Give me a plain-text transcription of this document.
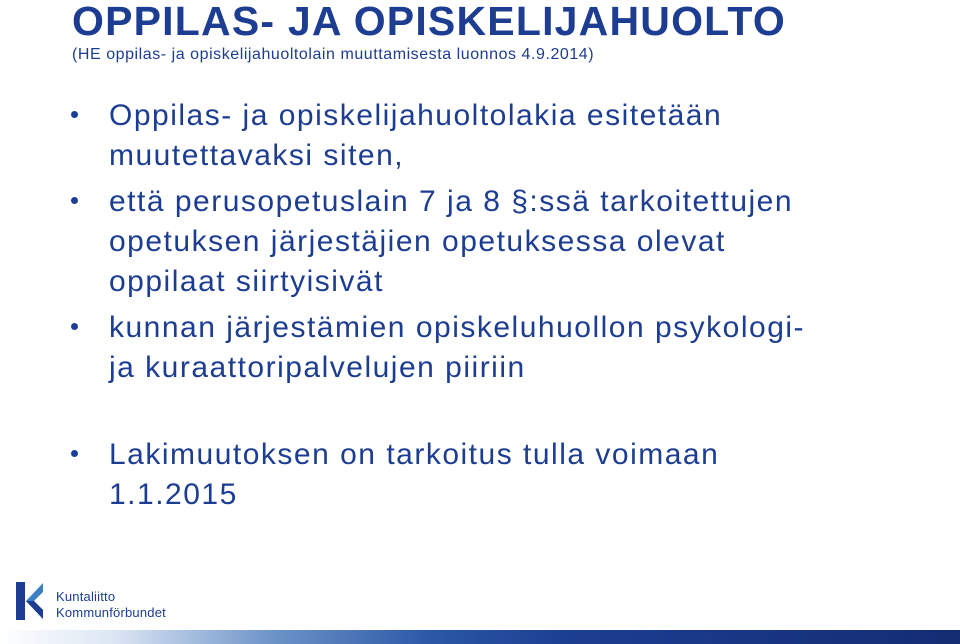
OPPILAS- JA OPISKELIJAHUOLTO
(HE oppilas- ja opiskelijahuoltolain muuttamisesta luonnos 4.9.2014)
Oppilas- ja opiskelijahuoltolakia esitetään
muutettavaksi siten,
että perusopetuslain 7 ja 8 §:ssä tarkoitettujen
opetuksen järjestäjien opetuksessa olevat
oppilaat siirtyisivät
kunnan järjestämien opiskeluhuollon psykologi-
ja kuraattoripalvelujen piiriin
Lakimuutoksen on tarkoitus tulla voimaan
1.1.2015
Kuntaliitto
Kommunförbundet
